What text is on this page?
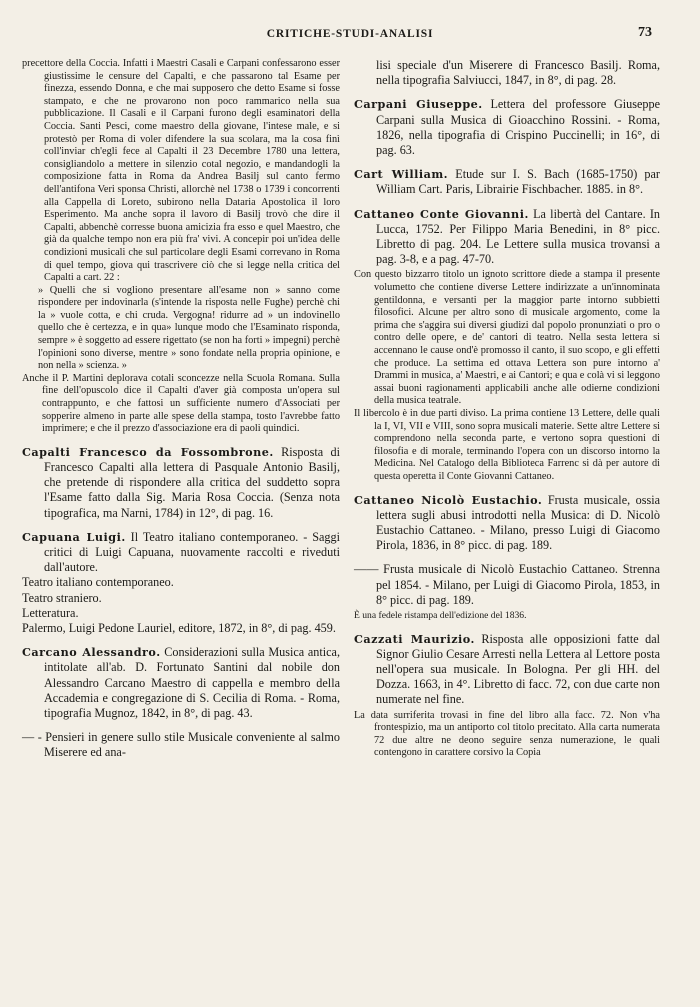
CRITICHE-STUDI-ANALISI	73

precettore della Coccia. Infatti i Maestri Casali e Carpani confessarono esser giustissime le censure del Capalti, e che passarono tal Esame per finezza, essendo Donna, e che mai supposero che detto Esame si fosse stampato, e che ne provarono non poco rammarico nella sua pubblicazione. Il Casali e il Carpani furono degli esaminatori della Coccia. Santi Pesci, come maestro della giovane, l'intese male, e si protestò per Roma di voler difendere la sua scolara, ma la cosa finì coll'inviar ch'egli fece al Capalti il 23 Decembre 1780 una lettera, consigliandolo a mettere in silenzio cotal negozio, e mandandogli la composizione fatta in Roma da Andrea Basilj sul canto fermo dell'antifona Veri sponsa Christi, allorchè nel 1738 o 1739 i concorrenti alla Cappella di Loreto, subirono nella Dataria Apostolica il loro Esperimento. Ma anche sopra il lavoro di Basilj trovò che dire il Capalti, abbenchè corresse buona amicizia fra esso e quel Maestro, che già da qualche tempo non era più fra' vivi. A concepir poi un'idea delle condizioni musicali che sul particolare degli Esami correvano in Roma di quel tempo, giova qui trascrivere ciò che si legge nella critica del Capalti a cart. 22 :

» Quelli che si vogliono presentare all'esame non » sanno come rispondere per indovinarla (s'intende la risposta nelle Fughe) perchè chi la » vuole cotta, e chi cruda. Vergogna! ridurre ad » un indovinello quello che è certezza, e in qua» lunque modo che l'Esaminato risponda, sempre » è soggetto ad essere rigettato (se non ha forti » impegni) perchè l'opinioni sono diverse, mentre » sono fondate nella propria opinione, e non nella » scienza. »

Anche il P. Martini deplorava cotali sconcezze nella Scuola Romana. Sulla fine dell'opuscolo dice il Capalti d'aver già composta un'opera sul contrappunto, e che fattosi un sufficiente numero d'Associati per sopperire almeno in parte alle spese della stampa, tosto l'avrebbe fatto imprimere; e che il prezzo d'associazione era di paoli quindici.

Capalti Francesco da Fossombrone. Risposta di Francesco Capalti alla lettera di Pasquale Antonio Basilj, che pretende di rispondere alla critica del suddetto sopra l'Esame fatto dalla Sig. Maria Rosa Coccia. (Senza nota tipografica, ma Narni, 1784) in 12°, di pag. 16.
Capuana Luigi. Il Teatro italiano contemporaneo. - Saggi critici di Luigi Capuana, nuovamente raccolti e riveduti dall'autore.
Teatro italiano contemporaneo.
Teatro straniero.
Letteratura.
Palermo, Luigi Pedone Lauriel, editore, 1872, in 8°, di pag. 459.
Carcano Alessandro. Considerazioni sulla Musica antica, intitolate all'ab. D. Fortunato Santini dal nobile don Alessandro Carcano Maestro di cappella e membro della Accademia e congregazione di S. Cecilia di Roma. - Roma, tipografia Mugnoz, 1842, in 8°, di pag. 43.
— - Pensieri in genere sullo stile Musicale conveniente al salmo Miserere ed ana-
lisi speciale d'un Miserere di Francesco Basilj. Roma, nella tipografia Salviucci, 1847, in 8°, di pag. 28.
Carpani Giuseppe. Lettera del professore Giuseppe Carpani sulla Musica di Gioacchino Rossini. - Roma, 1826, nella tipografia di Crispino Puccinelli; in 16°, di pag. 63.
Cart William. Etude sur I. S. Bach (1685-1750) par William Cart. Paris, Librairie Fischbacher. 1885. in 8°.
Cattaneo Conte Giovanni. La libertà del Cantare. In Lucca, 1752. Per Filippo Maria Benedini, in 8° picc. Libretto di pag. 204. Le Lettere sulla musica trovansi a pag. 3-8, e a pag. 47-70.

Con questo bizzarro titolo un ignoto scrittore diede a stampa il presente volumetto che contiene diverse Lettere indirizzate a un'innominata gentildonna, e versanti per la maggior parte intorno subbietti filosofici. Alcune per altro sono di musicale argomento, come la prima che s'aggira sui diversi giudizi dal popolo pronunziati o pro o contro delle opere, e de' cantori di teatro. Nella sesta lettera si accennano le cause ond'è promosso il canto, il suo scopo, e gli effetti che produce. La settima ed ottava Lettera son pure intorno a' Drammi in musica, a' Maestri, e ai Cantori; e qua e colà vi si leggono assai buoni ragionamenti applicabili anche alle odierne condizioni della musica teatrale.

Il libercolo è in due parti diviso. La prima contiene 13 Lettere, delle quali la I, VI, VII e VIII, sono sopra musicali materie. Sette altre Lettere si comprendono nella seconda parte, e vertono sopra questioni di filosofia e di morale, terminando l'opera con un discorso intorno la Medicina. Nel Catalogo della Biblioteca Farrenc si dà per autore di questa operetta il Conte Giovanni Cattaneo.

Cattaneo Nicolò Eustachio. Frusta musicale, ossia lettera sugli abusi introdotti nella Musica: di D. Nicolò Eustachio Cattaneo. - Milano, presso Luigi di Giacomo Pirola, 1836, in 8° picc. di pag. 189.
—— Frusta musicale di Nicolò Eustachio Cattaneo. Strenna pel 1854. - Milano, per Luigi di Giacomo Pirola, 1853, in 8° picc. di pag. 189.

È una fedele ristampa dell'edizione del 1836.

Cazzati Maurizio. Risposta alle opposizioni fatte dal Signor Giulio Cesare Arresti nella Lettera al Lettore posta nell'opera sua musicale. In Bologna. Per gli HH. del Dozza. 1663, in 4°. Libretto di facc. 72, con due carte non numerate nel fine.

La data surriferita trovasi in fine del libro alla facc. 72. Non v'ha frontespizio, ma un antiporto col titolo precitato. Alla carta numerata 72 due altre ne deono seguire senza numerazione, le quali contengono in carattere corsivo la Copia
